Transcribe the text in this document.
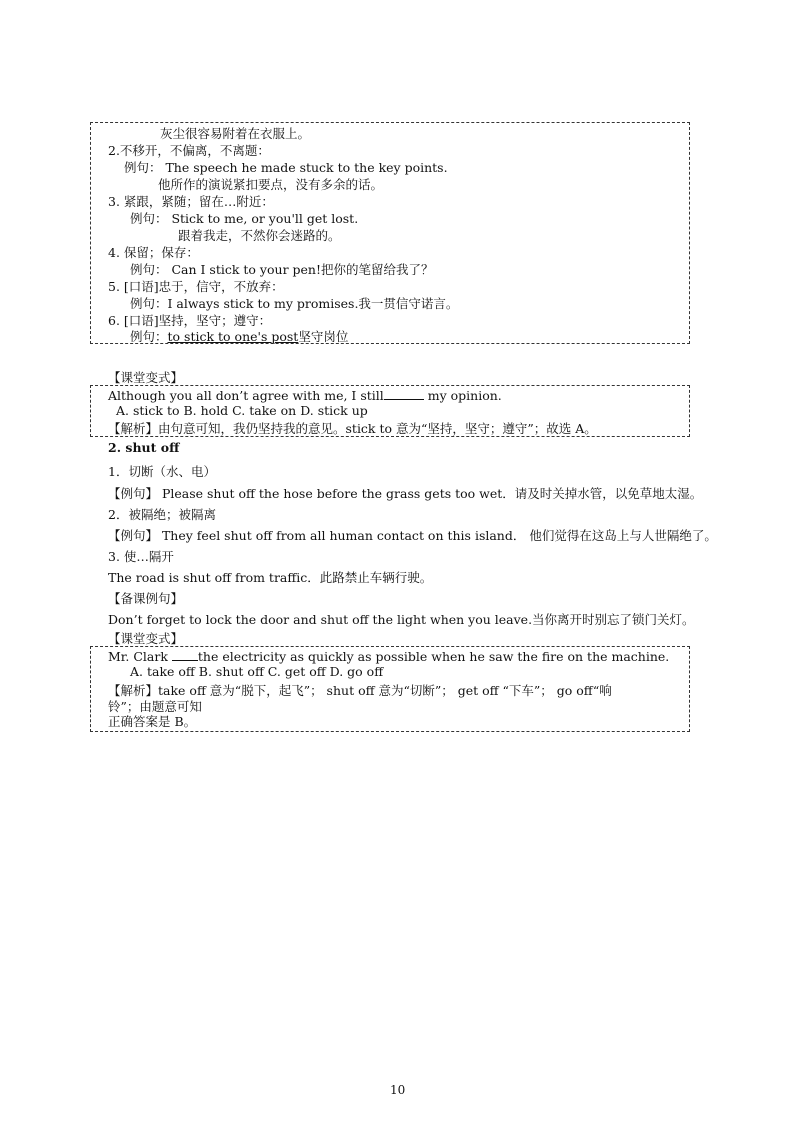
灰尘很容易附着在衣服上。
2.不移开，不偏离，不离题：
例句： The speech he made stuck to the key points.
他所作的演说紧扣要点，没有多余的话。
3. 紧跟，紧随；留在…附近：
例句： Stick to me, or you'll get lost.
跟着我走，不然你会迷路的。
4. 保留；保存：
例句： Can I stick to your pen!把你的笔留给我了？
5. [口语]忠于，信守，不放弃：
例句：I always stick to my promises.我一贯信守诺言。
6. [口语]坚持，坚守；遵守：
例句：to stick to one's post坚守岗位
【课堂变式】
Although you all don’t agree with me, I still	my opinion.
A. stick to B. hold C. take on D. stick up
【解析】由句意可知，我仍坚持我的意见。stick to 意为“坚持，坚守；遵守”；故选 A。
2. shut off
1．切断（水、电）
【例句】 Please shut off the hose before the grass gets too wet．请及时关掉水管，以免草地太湿。
2．被隔绝；被隔离
【例句】 They feel shut off from all human contact on this island． 他们觉得在这岛上与人世隔绝了。
3. 使…隔开
The road is shut off from traffic．此路禁止车辆行驶。
【备课例句】
Don’t forget to lock the door and shut off the light when you leave.当你离开时别忘了锁门关灯。
【课堂变式】
Mr. Clark the electricity as quickly as possible when he saw the fire on the machine.
A. take off B. shut off C. get off D. go off
【解析】take off 意为“脱下，起飞”； shut off 意为“切断”； get off “下车”； go off“响
铃”；由题意可知
正确答案是 B。
10
